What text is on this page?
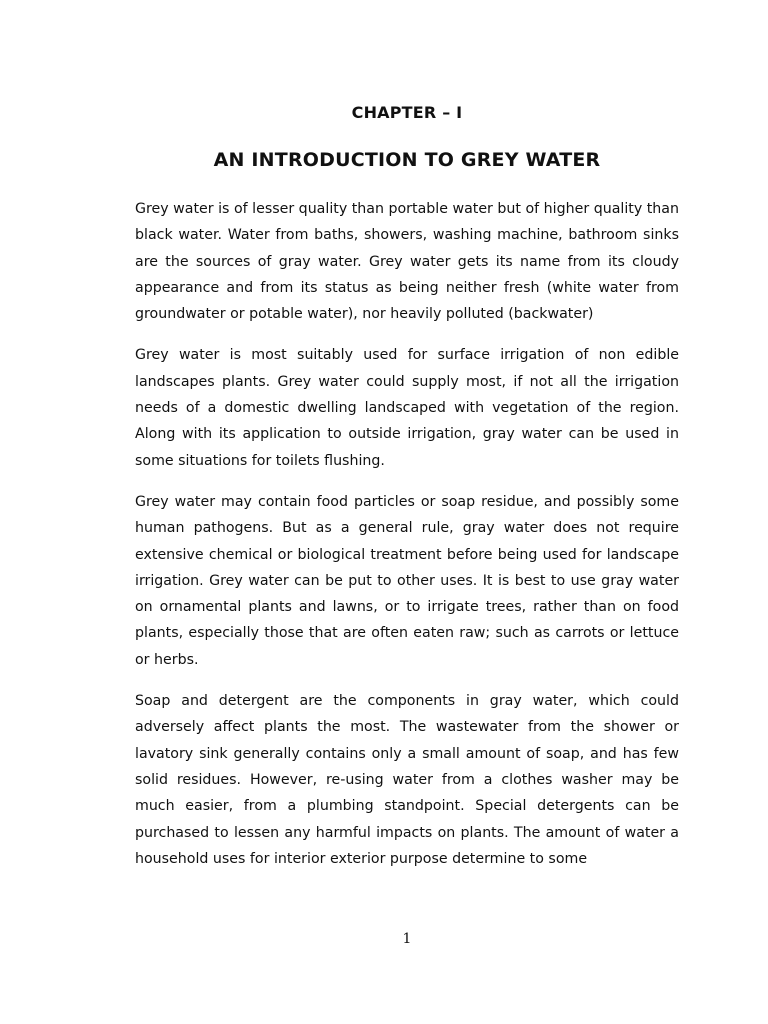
CHAPTER – I
AN INTRODUCTION TO GREY WATER

Grey water is of lesser quality than portable water but of higher quality than black water. Water from baths, showers, washing machine, bathroom sinks are the sources of gray water. Grey water gets its name from its cloudy appearance and from its status as being neither fresh (white water from groundwater or potable water), nor heavily polluted (backwater)

Grey water is most suitably used for surface irrigation of non edible landscapes plants. Grey water could supply most, if not all the irrigation needs of a domestic dwelling landscaped with vegetation of the region. Along with its application to outside irrigation, gray water can be used in some situations for toilets flushing.

Grey water may contain food particles or soap residue, and possibly some human pathogens. But as a general rule, gray water does not require extensive chemical or biological treatment before being used for landscape irrigation. Grey water can be put to other uses. It is best to use gray water on ornamental plants and lawns, or to irrigate trees, rather than on food plants, especially those that are often eaten raw; such as carrots or lettuce or herbs.

Soap and detergent are the components in gray water, which could adversely affect plants the most. The wastewater from the shower or lavatory sink generally contains only a small amount of soap, and has few solid residues. However, re-using water from a clothes washer may be much easier, from a plumbing standpoint. Special detergents can be purchased to lessen any harmful impacts on plants. The amount of water a household uses for interior exterior purpose determine to some

1
